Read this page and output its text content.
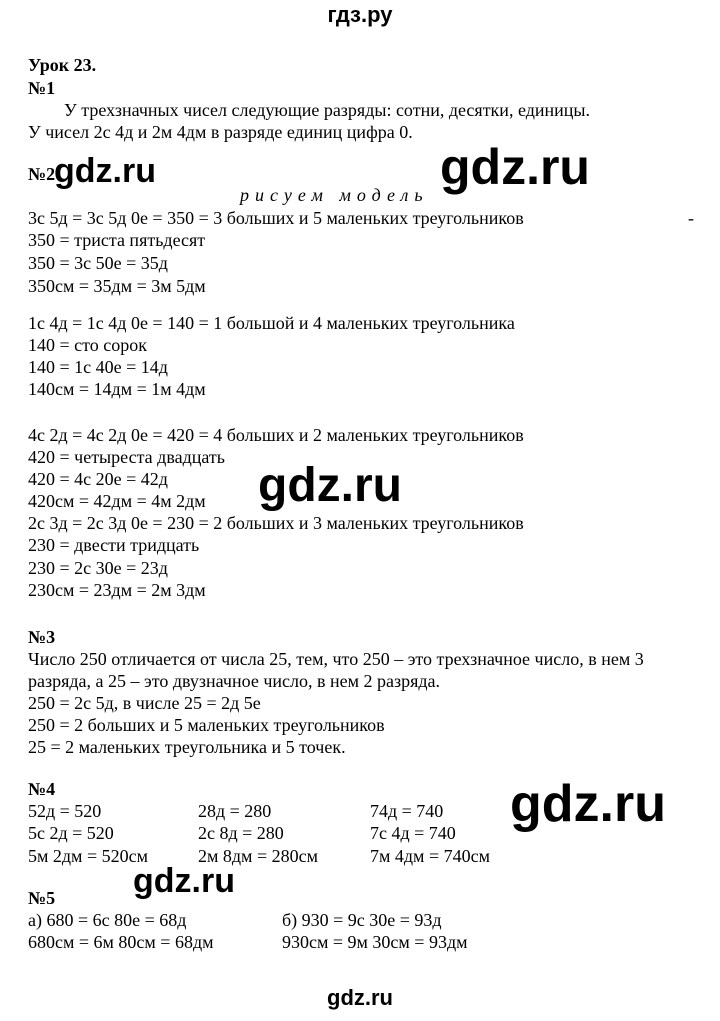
гдз.ру
Урок 23.
№1
У трехзначных чисел следующие разряды: сотни, десятки, единицы.
У чисел 2с 4д и 2м 4дм в разряде единиц цифра 0.
№2
рисуем модель
-
3с 5д = 3с 5д 0е = 350 = 3 больших и 5 маленьких треугольников
350 = триста пятьдесят
350 = 3с 50е = 35д
350см = 35дм = 3м 5дм
1с 4д = 1с 4д 0е = 140 = 1 большой и 4 маленьких треугольника
140 = сто сорок
140 = 1с 40е = 14д
140см = 14дм = 1м 4дм
4с 2д = 4с 2д 0е = 420 = 4 больших и 2 маленьких треугольников
420 = четыреста двадцать
420 = 4с 20е = 42д
420см = 42дм = 4м 2дм
2с 3д = 2с 3д 0е = 230 = 2 больших и 3 маленьких треугольников
230 = двести тридцать
230 = 2с 30е = 23д
230см = 23дм = 2м 3дм
№3
Число 250 отличается от числа 25, тем, что 250 – это трехзначное число, в нем 3
разряда, а 25 – это двузначное число, в нем 2 разряда.
250 = 2с 5д, в числе 25 = 2д 5е
250 = 2 больших и 5 маленьких треугольников
25 = 2 маленьких треугольника и 5 точек.
№4
52д = 520
5с 2д = 520
5м 2дм = 520см
28д = 280
2с 8д = 280
2м 8дм = 280см
74д = 740
7с 4д = 740
7м 4дм = 740см
№5
а) 680 = 6с 80е = 68д
680см = 6м 80см = 68дм
б) 930 = 9с 30е = 93д
930см = 9м 30см = 93дм
gdz.ru	gdz.ru
gdz.ru
gdz.ru
gdz.ru
gdz.ru
